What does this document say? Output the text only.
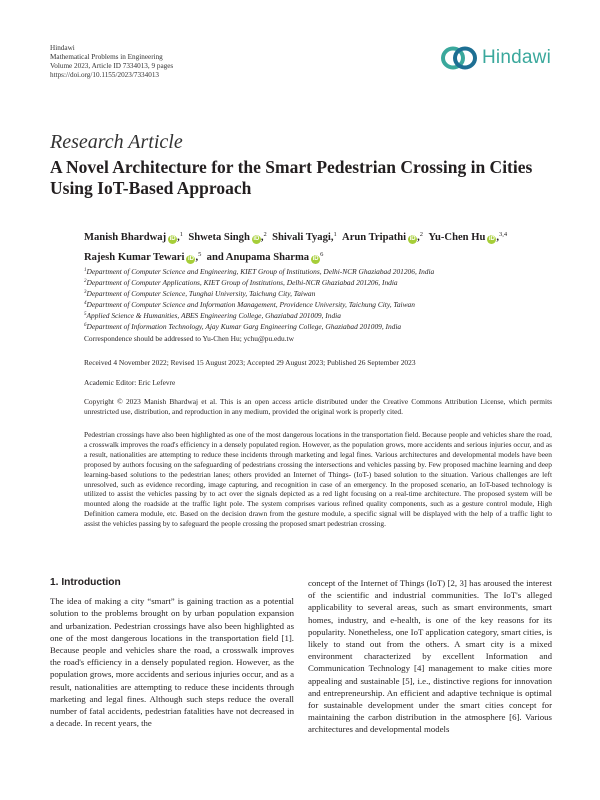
Hindawi
Mathematical Problems in Engineering
Volume 2023, Article ID 7334013, 9 pages
https://doi.org/10.1155/2023/7334013
Hindawi
Research Article
A Novel Architecture for the Smart Pedestrian Crossing in Cities Using IoT-Based Approach
Manish Bhardwaj iD ,$^1$ Shweta Singh iD ,$^2$ Shivali Tyagi,$^1$ Arun Tripathi iD ,$^2$ Yu-Chen Hu iD ,$^{3,4}$
Rajesh Kumar Tewari iD ,$^5$ and Anupama Sharma $iD^6$
$^1$Department of Computer Science and Engineering, KIET Group of Institutions, Delhi-NCR Ghaziabad 201206, India
$^2$Department of Computer Applications, KIET Group of Institutions, Delhi-NCR Ghaziabad 201206, India
$^3$Department of Computer Science, Tunghai University, Taichung City, Taiwan
$^4$Department of Computer Science and Information Management, Providence University, Taichung City, Taiwan
$^5$Applied Science & Humanities, ABES Engineering College, Ghaziabad 201009, India
$^6$Department of Information Technology, Ajay Kumar Garg Engineering College, Ghaziabad 201009, India
Correspondence should be addressed to Yu-Chen Hu; ychu@pu.edu.tw
Received 4 November 2022; Revised 15 August 2023; Accepted 29 August 2023; Published 26 September 2023
Academic Editor: Eric Lefevre
Copyright © 2023 Manish Bhardwaj et al. This is an open access article distributed under the Creative Commons Attribution License, which permits unrestricted use, distribution, and reproduction in any medium, provided the original work is properly cited.
Pedestrian crossings have also been highlighted as one of the most dangerous locations in the transportation field. Because people and vehicles share the road, a crosswalk improves the road's efficiency in a densely populated region. However, as the population grows, more accidents and serious injuries occur, and as a result, nationalities are attempting to reduce these incidents through marketing and legal fines. Various architectures and developmental models have been proposed by authors focusing on the safeguarding of pedestrians crossing the intersections and vehicles passing by. Few proposed machine learning and deep learning-based solutions to the pedestrian lanes; others provided an Internet of Things- (IoT-) based solution to the situation. Various challenges are left unresolved, such as evidence recording, image capturing, and recognition in case of an emergency. In the proposed scenario, an IoT-based technology is utilized to assist the vehicles passing by to act over the signals depicted as a red light focusing on a real-time architecture. The proposed system will be mounted along the roadside at the traffic light pole. The system comprises various refined quality components, such as a gesture control module, High Definition camera module, etc. Based on the decision drawn from the gesture module, a specific signal will be displayed with the help of a traffic light to assist the vehicles passing by to safeguard the people crossing the proposed smart pedestrian crossing.
1. Introduction

The idea of making a city “smart” is gaining traction as a potential solution to the problems brought on by urban population expansion and urbanization. Pedestrian crossings have also been highlighted as one of the most dangerous locations in the transportation field [1]. Because people and vehicles share the road, a crosswalk improves the road's efficiency in a densely populated region. However, as the population grows, more accidents and serious injuries occur, and as a result, nationalities are attempting to reduce these incidents through marketing and legal fines. Although such steps reduce the overall number of fatal accidents, pedestrian fatalities have not decreased in a decade. In recent years, the

concept of the Internet of Things (IoT) [2, 3] has aroused the interest of the scientific and industrial communities. The IoT's alleged applicability to several areas, such as smart environments, smart homes, industry, and e-health, is one of the key reasons for its popularity. Nonetheless, one IoT application category, smart cities, is likely to stand out from the others. A smart city is a mixed environment characterized by excellent Information and Communication Technology [4] management to make cities more appealing and sustainable [5], i.e., distinctive regions for innovation and entrepreneurship. An efficient and adaptive technique is optimal for sustainable development under the smart cities concept for maintaining the carbon distribution in the atmosphere [6]. Various architectures and developmental models
